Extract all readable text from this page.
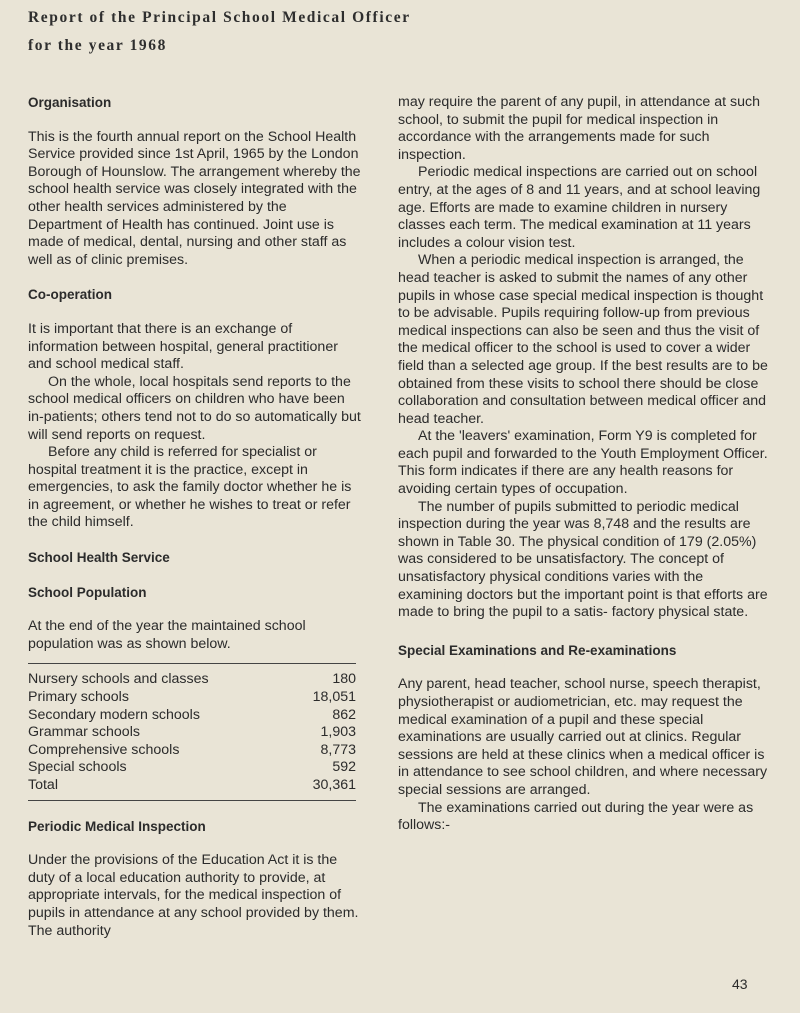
Report of the Principal School Medical Officer
for the year 1968

Organisation

This is the fourth annual report on the School Health Service provided since 1st April, 1965 by the London Borough of Hounslow. The arrangement whereby the school health service was closely integrated with the other health services administered by the Department of Health has continued. Joint use is made of medical, dental, nursing and other staff as well as of clinic premises.

Co-operation

It is important that there is an exchange of information between hospital, general practitioner and school medical staff.

On the whole, local hospitals send reports to the school medical officers on children who have been in-patients; others tend not to do so automatically but will send reports on request.

Before any child is referred for specialist or hospital treatment it is the practice, except in emergencies, to ask the family doctor whether he is in agreement, or whether he wishes to treat or refer the child himself.

School Health Service

School Population

At the end of the year the maintained school population was as shown below.

Nursery schools and classes	180
Primary schools	18,051
Secondary modern schools	862
Grammar schools	1,903
Comprehensive schools	8,773
Special schools	592
Total	30,361

Periodic Medical Inspection

Under the provisions of the Education Act it is the duty of a local education authority to provide, at appropriate intervals, for the medical inspection of pupils in attendance at any school provided by them. The authority

may require the parent of any pupil, in attendance at such school, to submit the pupil for medical inspection in accordance with the arrangements made for such inspection.

Periodic medical inspections are carried out on school entry, at the ages of 8 and 11 years, and at school leaving age. Efforts are made to examine children in nursery classes each term. The medical examination at 11 years includes a colour vision test.

When a periodic medical inspection is arranged, the head teacher is asked to submit the names of any other pupils in whose case special medical inspection is thought to be advisable. Pupils requiring follow-up from previous medical inspections can also be seen and thus the visit of the medical officer to the school is used to cover a wider field than a selected age group. If the best results are to be obtained from these visits to school there should be close collaboration and consultation between medical officer and head teacher.

At the 'leavers' examination, Form Y9 is completed for each pupil and forwarded to the Youth Employment Officer. This form indicates if there are any health reasons for avoiding certain types of occupation.

The number of pupils submitted to periodic medical inspection during the year was 8,748 and the results are shown in Table 30. The physical condition of 179 (2.05%) was considered to be unsatisfactory. The concept of unsatisfactory physical conditions varies with the examining doctors but the important point is that efforts are made to bring the pupil to a satis- factory physical state.

Special Examinations and Re-examinations

Any parent, head teacher, school nurse, speech therapist, physiotherapist or audiometrician, etc. may request the medical examination of a pupil and these special examinations are usually carried out at clinics. Regular sessions are held at these clinics when a medical officer is in attendance to see school children, and where necessary special sessions are arranged.

The examinations carried out during the year were as follows:-

43
